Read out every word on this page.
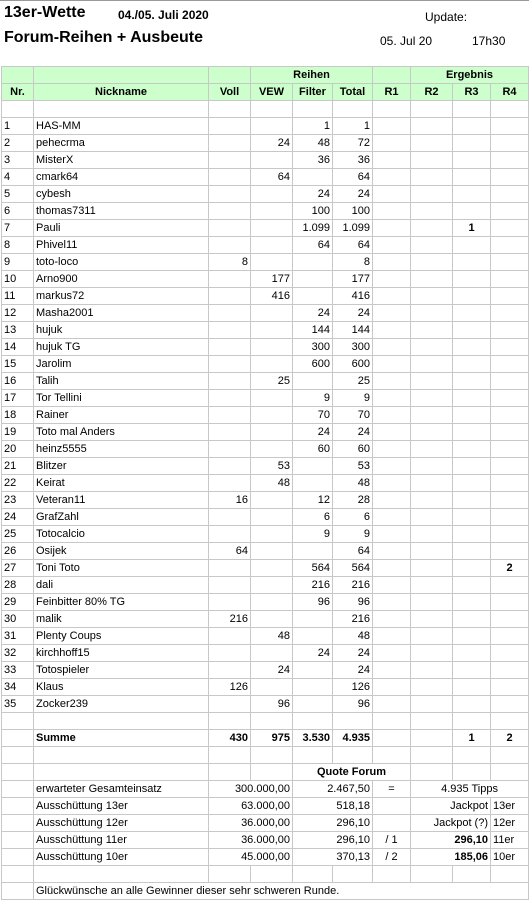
13er-Wette	04./05. Juli 2020
Forum-Reihen + Ausbeute
Update:
05. Jul 20	17h30
			Reihen				Ergebnis		
Nr.	Nickname	Voll	VEW	Filter	Total	R1	R2	R3	R4

1	HAS-MM			1	1				
2	pehecrma		24	48	72				
3	MisterX			36	36				
4	cmark64		64		64				
5	cybesh			24	24				
6	thomas7311			100	100				
7	Pauli			1.099	1.099			1	
8	Phivel11			64	64				
9	toto-loco	8			8				
10	Arno900		177		177				
11	markus72		416		416				
12	Masha2001			24	24				
13	hujuk			144	144				
14	hujuk TG			300	300				
15	Jarolim			600	600				
16	Talih		25		25				
17	Tor Tellini			9	9				
18	Rainer			70	70				
19	Toto mal Anders			24	24				
20	heinz5555			60	60				
21	Blitzer		53		53				
22	Keirat		48		48				
23	Veteran11	16		12	28				
24	GrafZahl			6	6				
25	Totocalcio			9	9				
26	Osijek	64			64				
27	Toni Toto			564	564				2
28	dali			216	216				
29	Feinbitter 80% TG			96	96				
30	malik	216			216				
31	Plenty Coups		48		48				
32	kirchhoff15			24	24				
33	Totospieler		24		24				
34	Klaus	126			126				
35	Zocker239		96		96				

	Summe	430	975	3.530	4.935			1	2

				Quote Forum					
	erwarteter Gesamteinsatz	300.000,00		2.467,50		=	4.935 Tipps		
	Ausschüttung 13er	63.000,00		518,18			Jackpot		13er
	Ausschüttung 12er	36.000,00		296,10			Jackpot (?)		12er
	Ausschüttung 11er	36.000,00		296,10		/ 1	296,10		11er
	Ausschüttung 10er	45.000,00		370,13		/ 2	185,06		10er

	Glückwünsche an alle Gewinner dieser sehr schweren Runde.								
